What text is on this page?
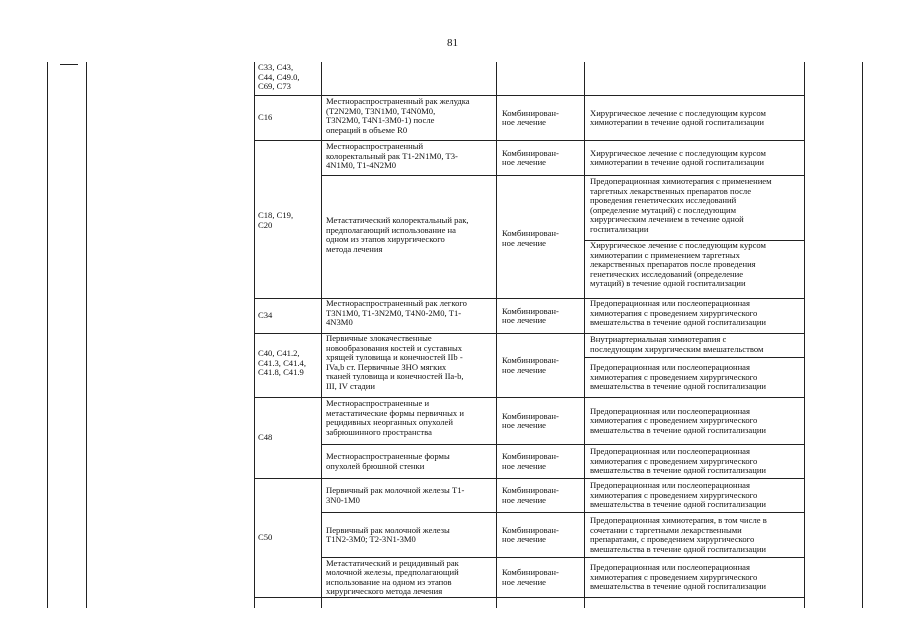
81
C33, C43,
C44, C49.0,
C69, C73
C16
Местнораспространенный рак желудка
(T2N2M0, T3N1M0, T4N0M0,
T3N2M0, T4N1-3M0-1) после
операций в объеме R0
Комбинирован-
ное лечение
Хирургическое лечение с последующим курсом
химиотерапии в течение одной госпитализации
C18, C19,
C20
Местнораспространенный
колоректальный рак T1-2N1M0, T3-
4N1M0, T1-4N2M0
Комбинирован-
ное лечение
Хирургическое лечение с последующим курсом
химиотерапии в течение одной госпитализации
Метастатический колоректальный рак,
предполагающий использование на
одном из этапов хирургического
метода лечения
Комбинирован-
ное лечение
Предоперационная химиотерапия с применением
таргетных лекарственных препаратов после
проведения генетических исследований
(определение мутаций) с последующим
хирургическим лечением в течение одной
госпитализации
Хирургическое лечение с последующим курсом
химиотерапии с применением таргетных
лекарственных препаратов после проведения
генетических исследований (определение
мутаций) в течение одной госпитализации
C34
Местнораспространенный рак легкого
T3N1M0, T1-3N2M0, T4N0-2M0, T1-
4N3M0
Комбинирован-
ное лечение
Предоперационная или послеоперационная
химиотерапия с проведением хирургического
вмешательства в течение одной госпитализации
C40, C41.2,
C41.3, C41.4,
C41.8, C41.9
Первичные злокачественные
новообразования костей и суставных
хрящей туловища и конечностей IIb -
IVa,b ст. Первичные ЗНО мягких
тканей туловища и конечностей IIa-b,
III, IV стадии
Комбинирован-
ное лечение
Внутриартериальная химиотерапия с
последующим хирургическим вмешательством
Предоперационная или послеоперационная
химиотерапия с проведением хирургического
вмешательства в течение одной госпитализации
C48
Местнораспространенные и
метастатические формы первичных и
рецидивных неорганных опухолей
забрюшинного пространства
Комбинирован-
ное лечение
Предоперационная или послеоперационная
химиотерапия с проведением хирургического
вмешательства в течение одной госпитализации
Местнораспространенные формы
опухолей брюшной стенки
Комбинирован-
ное лечение
Предоперационная или послеоперационная
химиотерапия с проведением хирургического
вмешательства в течение одной госпитализации
C50
Первичный рак молочной железы T1-
3N0-1M0
Комбинирован-
ное лечение
Предоперационная или послеоперационная
химиотерапия с проведением хирургического
вмешательства в течение одной госпитализации
Первичный рак молочной железы
T1N2-3M0; T2-3N1-3M0
Комбинирован-
ное лечение
Предоперационная химиотерапия, в том числе в
сочетании с таргетными лекарственными
препаратами, с проведением хирургического
вмешательства в течение одной госпитализации
Метастатический и рецидивный рак
молочной железы, предполагающий
использование на одном из этапов
хирургического метода лечения
Комбинирован-
ное лечение
Предоперационная или послеоперационная
химиотерапия с проведением хирургического
вмешательства в течение одной госпитализации
